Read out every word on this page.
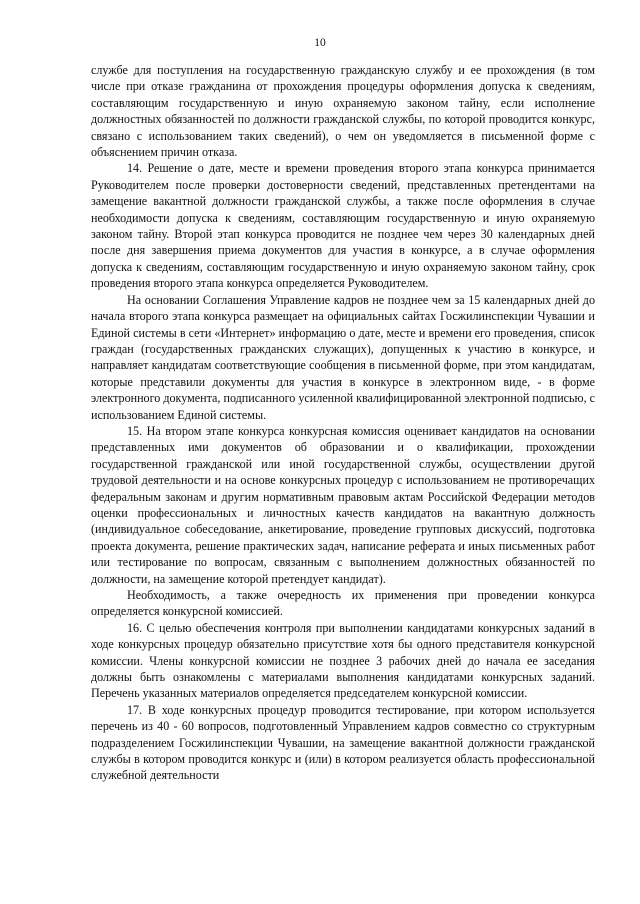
10

службе для поступления на государственную гражданскую службу и ее прохождения (в том числе при отказе гражданина от прохождения процедуры оформления допуска к сведениям, составляющим государственную и иную охраняемую законом тайну, если исполнение должностных обязанностей по должности гражданской службы, по которой проводится конкурс, связано с использованием таких сведений), о чем он уведомляется в письменной форме с объяснением причин отказа.

14. Решение о дате, месте и времени проведения второго этапа конкурса принимается Руководителем после проверки достоверности сведений, представленных претендентами на замещение вакантной должности гражданской службы, а также после оформления в случае необходимости допуска к сведениям, составляющим государственную и иную охраняемую законом тайну. Второй этап конкурса проводится не позднее чем через 30 календарных дней после дня завершения приема документов для участия в конкурсе, а в случае оформления допуска к сведениям, составляющим государственную и иную охраняемую законом тайну, срок проведения второго этапа конкурса определяется Руководителем.

На основании Соглашения Управление кадров не позднее чем за 15 календарных дней до начала второго этапа конкурса размещает на официальных сайтах Госжилинспекции Чувашии и Единой системы в сети «Интернет» информацию о дате, месте и времени его проведения, список граждан (государственных гражданских служащих), допущенных к участию в конкурсе, и направляет кандидатам соответствующие сообщения в письменной форме, при этом кандидатам, которые представили документы для участия в конкурсе в электронном виде, - в форме электронного документа, подписанного усиленной квалифицированной электронной подписью, с использованием Единой системы.

15. На втором этапе конкурса конкурсная комиссия оценивает кандидатов на основании представленных ими документов об образовании и о квалификации, прохождении государственной гражданской или иной государственной службы, осуществлении другой трудовой деятельности и на основе конкурсных процедур с использованием не противоречащих федеральным законам и другим нормативным правовым актам Российской Федерации методов оценки профессиональных и личностных качеств кандидатов на вакантную должность (индивидуальное собеседование, анкетирование, проведение групповых дискуссий, подготовка проекта документа, решение практических задач, написание реферата и иных письменных работ или тестирование по вопросам, связанным с выполнением должностных обязанностей по должности, на замещение которой претендует кандидат).

Необходимость, а также очередность их применения при проведении конкурса определяется конкурсной комиссией.

16. С целью обеспечения контроля при выполнении кандидатами конкурсных заданий в ходе конкурсных процедур обязательно присутствие хотя бы одного представителя конкурсной комиссии. Члены конкурсной комиссии не позднее 3 рабочих дней до начала ее заседания должны быть ознакомлены с материалами выполнения кандидатами конкурсных заданий. Перечень указанных материалов определяется председателем конкурсной комиссии.

17. В ходе конкурсных процедур проводится тестирование, при котором используется перечень из 40 - 60 вопросов, подготовленный Управлением кадров совместно со структурным подразделением Госжилинспекции Чувашии, на замещение вакантной должности гражданской службы в котором проводится конкурс и (или) в котором реализуется область профессиональной служебной деятельности
